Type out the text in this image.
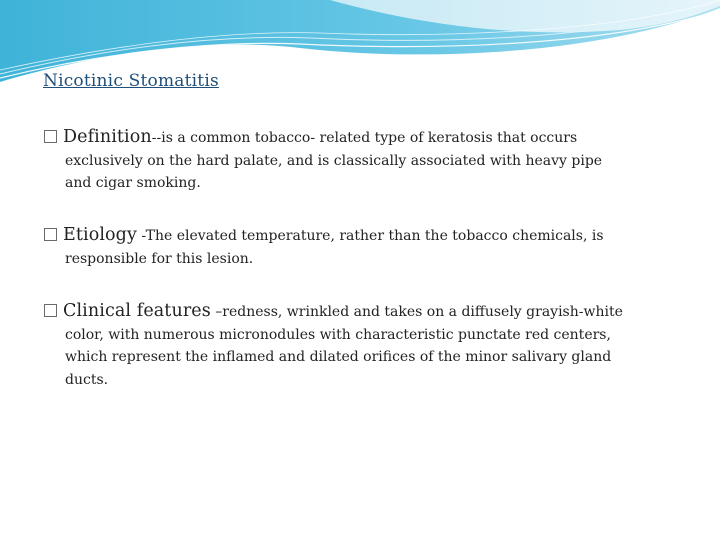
Nicotinic Stomatitis
Definition--is a common tobacco- related type of keratosis that occurs
exclusively on the hard palate, and is classically associated with heavy pipe
and cigar smoking.
Etiology -The elevated temperature, rather than the tobacco chemicals, is
responsible for this lesion.
Clinical features –redness, wrinkled and takes on a diffusely grayish-white
color, with numerous micronodules with characteristic punctate red centers,
which represent the inflamed and dilated orifices of the minor salivary gland
ducts.
